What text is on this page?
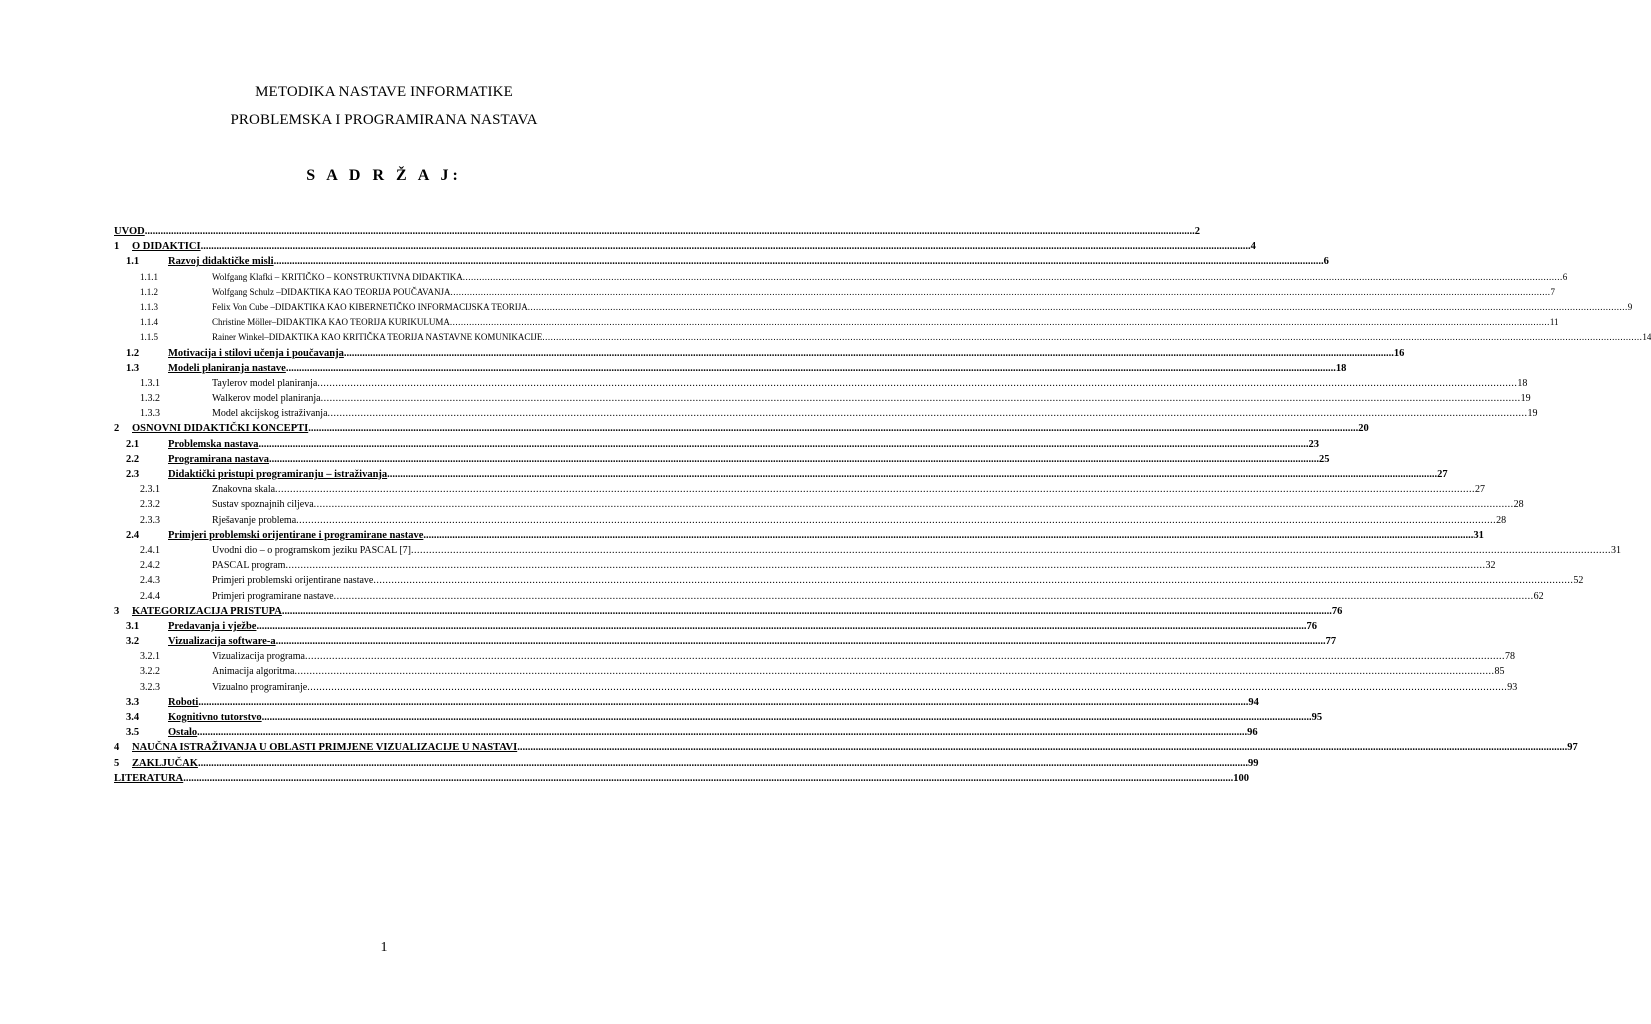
METODIKA NASTAVE INFORMATIKE
PROBLEMSKA I PROGRAMIRANA NASTAVA
S A D R Ž A J:
UVOD ................................................................................................................................................................................................................................................................................................................................................................................................................ 2
1 O DIDAKTICI ................................................................................................................................................................................................................................................................................................................................................................................................................ 4
1.1	Razvoj didaktičke misli ................................................................................................................................................................................................................................................................................................................................................................................................................ 6
1.1.1	Wolfgang Klafki – KRITIČKO – KONSTRUKTIVNA DIDAKTIKA ................................................................................................................................................................................................................................................................................................................................................................................................................ 6
1.1.2	Wolfgang Schulz –DIDAKTIKA KAO TEORIJA POUČAVANJA ................................................................................................................................................................................................................................................................................................................................................................................................................ 7
1.1.3	Felix Von Cube –DIDAKTIKA KAO KIBERNETIČKO INFORMACIJSKA TEORIJA ................................................................................................................................................................................................................................................................................................................................................................................................................ 9
1.1.4	Christine Möller–DIDAKTIKA KAO TEORIJA KURIKULUMA ................................................................................................................................................................................................................................................................................................................................................................................................................ 11
1.1.5	Rainer Winkel–DIDAKTIKA KAO KRITIČKA TEORIJA NASTAVNE KOMUNIKACIJE ................................................................................................................................................................................................................................................................................................................................................................................................................ 14
1.2	Motivacija i stilovi učenja i poučavanja ................................................................................................................................................................................................................................................................................................................................................................................................................ 16
1.3	Modeli planiranja nastave ................................................................................................................................................................................................................................................................................................................................................................................................................ 18
1.3.1	Taylerov model planiranja ................................................................................................................................................................................................................................................................................................................................................................................................................ 18
1.3.2	Walkerov model planiranja ................................................................................................................................................................................................................................................................................................................................................................................................................ 19
1.3.3	Model akcijskog istraživanja ................................................................................................................................................................................................................................................................................................................................................................................................................ 19
2 OSNOVNI DIDAKTIČKI KONCEPTI ................................................................................................................................................................................................................................................................................................................................................................................................................ 20
2.1	Problemska nastava ................................................................................................................................................................................................................................................................................................................................................................................................................ 23
2.2	Programirana nastava ................................................................................................................................................................................................................................................................................................................................................................................................................ 25
2.3	Didaktički pristupi programiranju – istraživanja ................................................................................................................................................................................................................................................................................................................................................................................................................ 27
2.3.1	Znakovna skala ................................................................................................................................................................................................................................................................................................................................................................................................................ 27
2.3.2	Sustav spoznajnih ciljeva ................................................................................................................................................................................................................................................................................................................................................................................................................ 28
2.3.3	Rješavanje problema ................................................................................................................................................................................................................................................................................................................................................................................................................ 28
2.4	Primjeri problemski orijentirane i programirane nastave ................................................................................................................................................................................................................................................................................................................................................................................................................ 31
2.4.1	Uvodni dio – o programskom jeziku PASCAL [7] ................................................................................................................................................................................................................................................................................................................................................................................................................ 31
2.4.2	PASCAL program ................................................................................................................................................................................................................................................................................................................................................................................................................ 32
2.4.3	Primjeri problemski orijentirane nastave ................................................................................................................................................................................................................................................................................................................................................................................................................ 52
2.4.4	Primjeri programirane nastave ................................................................................................................................................................................................................................................................................................................................................................................................................ 62
3 KATEGORIZACIJA PRISTUPA ................................................................................................................................................................................................................................................................................................................................................................................................................ 76
3.1	Predavanja i vježbe ................................................................................................................................................................................................................................................................................................................................................................................................................ 76
3.2	Vizualizacija software-a ................................................................................................................................................................................................................................................................................................................................................................................................................ 77
3.2.1	Vizualizacija programa ................................................................................................................................................................................................................................................................................................................................................................................................................ 78
3.2.2	Animacija algoritma ................................................................................................................................................................................................................................................................................................................................................................................................................ 85
3.2.3	Vizualno programiranje ................................................................................................................................................................................................................................................................................................................................................................................................................ 93
3.3	Roboti ................................................................................................................................................................................................................................................................................................................................................................................................................ 94
3.4	Kognitivno tutorstvo ................................................................................................................................................................................................................................................................................................................................................................................................................ 95
3.5	Ostalo ................................................................................................................................................................................................................................................................................................................................................................................................................ 96
4 NAUČNA ISTRAŽIVANJA U OBLASTI PRIMJENE VIZUALIZACIJE U NASTAVI ................................................................................................................................................................................................................................................................................................................................................................................................................ 97
5 ZAKLJUČAK ................................................................................................................................................................................................................................................................................................................................................................................................................ 99
LITERATURA ................................................................................................................................................................................................................................................................................................................................................................................................................ 100
1
